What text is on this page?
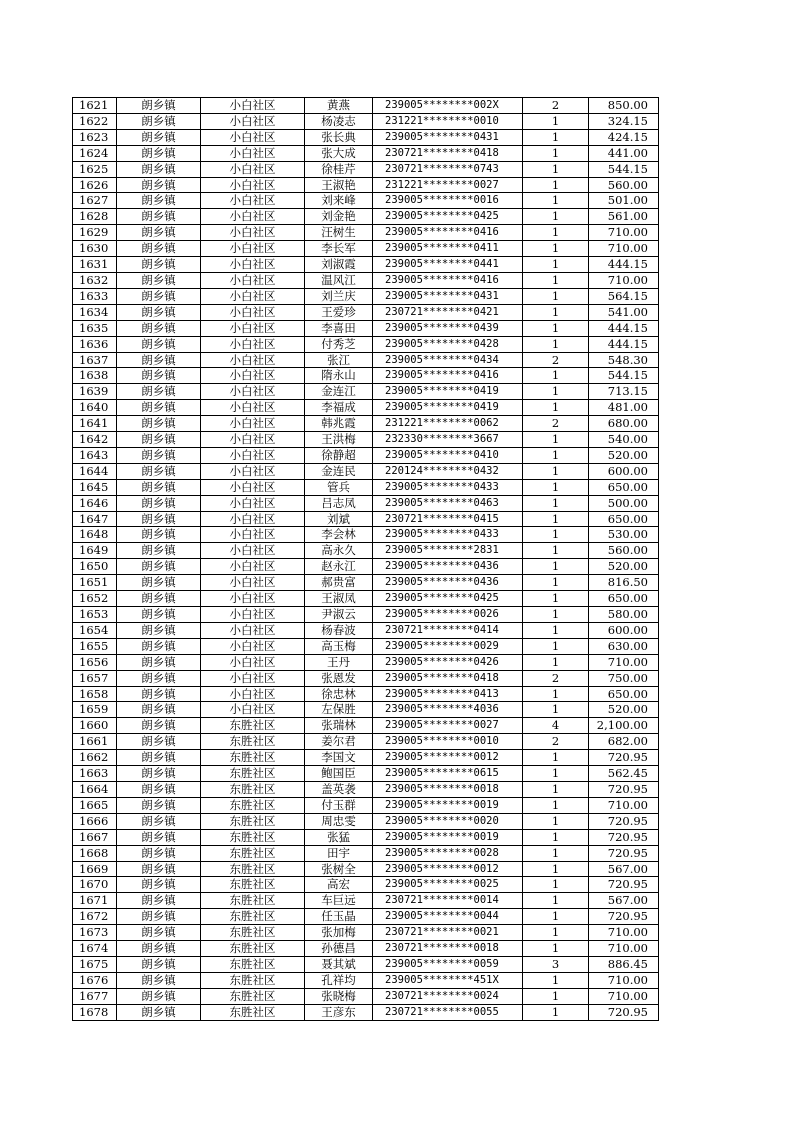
1621	朗乡镇	小白社区	黄燕	239005********002X	2	850.00
1622	朗乡镇	小白社区	杨凌志	231221********0010	1	324.15
1623	朗乡镇	小白社区	张长典	239005********0431	1	424.15
1624	朗乡镇	小白社区	张大成	230721********0418	1	441.00
1625	朗乡镇	小白社区	徐桂芹	230721********0743	1	544.15
1626	朗乡镇	小白社区	王淑艳	231221********0027	1	560.00
1627	朗乡镇	小白社区	刘来峰	239005********0016	1	501.00
1628	朗乡镇	小白社区	刘金艳	239005********0425	1	561.00
1629	朗乡镇	小白社区	汪树生	239005********0416	1	710.00
1630	朗乡镇	小白社区	李长军	239005********0411	1	710.00
1631	朗乡镇	小白社区	刘淑霞	239005********0441	1	444.15
1632	朗乡镇	小白社区	温风江	239005********0416	1	710.00
1633	朗乡镇	小白社区	刘兰庆	239005********0431	1	564.15
1634	朗乡镇	小白社区	王爱珍	230721********0421	1	541.00
1635	朗乡镇	小白社区	李喜田	239005********0439	1	444.15
1636	朗乡镇	小白社区	付秀芝	239005********0428	1	444.15
1637	朗乡镇	小白社区	张江	239005********0434	2	548.30
1638	朗乡镇	小白社区	隋永山	239005********0416	1	544.15
1639	朗乡镇	小白社区	金连江	239005********0419	1	713.15
1640	朗乡镇	小白社区	李福成	239005********0419	1	481.00
1641	朗乡镇	小白社区	韩兆霞	231221********0062	2	680.00
1642	朗乡镇	小白社区	王洪梅	232330********3667	1	540.00
1643	朗乡镇	小白社区	徐静超	239005********0410	1	520.00
1644	朗乡镇	小白社区	金连民	220124********0432	1	600.00
1645	朗乡镇	小白社区	管兵	239005********0433	1	650.00
1646	朗乡镇	小白社区	吕志凤	239005********0463	1	500.00
1647	朗乡镇	小白社区	刘斌	230721********0415	1	650.00
1648	朗乡镇	小白社区	李会林	239005********0433	1	530.00
1649	朗乡镇	小白社区	高永久	239005********2831	1	560.00
1650	朗乡镇	小白社区	赵永江	239005********0436	1	520.00
1651	朗乡镇	小白社区	郝贵富	239005********0436	1	816.50
1652	朗乡镇	小白社区	王淑凤	239005********0425	1	650.00
1653	朗乡镇	小白社区	尹淑云	239005********0026	1	580.00
1654	朗乡镇	小白社区	杨春波	230721********0414	1	600.00
1655	朗乡镇	小白社区	高玉梅	239005********0029	1	630.00
1656	朗乡镇	小白社区	王丹	239005********0426	1	710.00
1657	朗乡镇	小白社区	张恩发	239005********0418	2	750.00
1658	朗乡镇	小白社区	徐忠林	239005********0413	1	650.00
1659	朗乡镇	小白社区	左保胜	239005********4036	1	520.00
1660	朗乡镇	东胜社区	张瑞林	239005********0027	4	2,100.00
1661	朗乡镇	东胜社区	姜尔君	239005********0010	2	682.00
1662	朗乡镇	东胜社区	李国文	239005********0012	1	720.95
1663	朗乡镇	东胜社区	鲍国臣	239005********0615	1	562.45
1664	朗乡镇	东胜社区	盖英袭	239005********0018	1	720.95
1665	朗乡镇	东胜社区	付玉群	239005********0019	1	710.00
1666	朗乡镇	东胜社区	周忠雯	239005********0020	1	720.95
1667	朗乡镇	东胜社区	张猛	239005********0019	1	720.95
1668	朗乡镇	东胜社区	田宇	239005********0028	1	720.95
1669	朗乡镇	东胜社区	张树全	239005********0012	1	567.00
1670	朗乡镇	东胜社区	高宏	239005********0025	1	720.95
1671	朗乡镇	东胜社区	车巨远	230721********0014	1	567.00
1672	朗乡镇	东胜社区	任玉晶	239005********0044	1	720.95
1673	朗乡镇	东胜社区	张加梅	230721********0021	1	710.00
1674	朗乡镇	东胜社区	孙德昌	230721********0018	1	710.00
1675	朗乡镇	东胜社区	聂其斌	239005********0059	3	886.45
1676	朗乡镇	东胜社区	孔祥均	239005********451X	1	710.00
1677	朗乡镇	东胜社区	张晓梅	230721********0024	1	710.00
1678	朗乡镇	东胜社区	王彦东	230721********0055	1	720.95
